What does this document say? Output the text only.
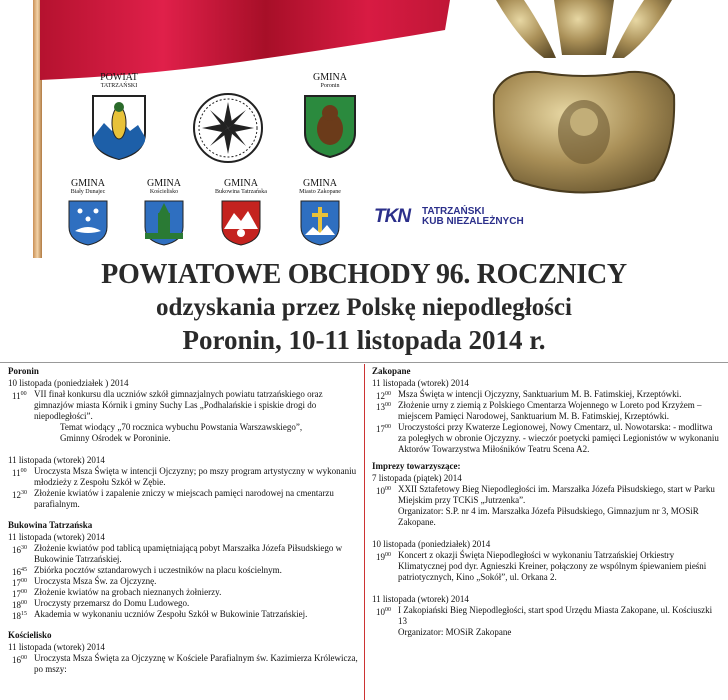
POWIAT
TATRZAŃSKI
GMINA
Poronin
GMINA
Biały Dunajec
GMINA
Kościelisko
GMINA
Bukowina Tatrzańska
GMINA
Miasto Zakopane
TKN TATRZAŃSKI
KUB NIEZALEŻNYCH
POWIATOWE OBCHODY 96. ROCZNICY
odzyskania przez Polskę niepodległości
Poronin, 10-11 listopada 2014 r.
Poronin
10 listopada (poniedziałek ) 2014
$11^{00}$ VII finał konkursu dla uczniów szkół gimnazjalnych powiatu tatrzańskiego oraz gimnazjów miasta Kórnik i gminy Suchy Las „Podhalańskie i spiskie drogi do niepodległości”.
Temat wiodący „70 rocznica wybuchu Powstania Warszawskiego”,
Gminny Ośrodek w Poroninie.
11 listopada (wtorek) 2014
$11^{00}$ Uroczysta Msza Święta w intencji Ojczyzny; po mszy program artystyczny w wykonaniu młodzieży z Zespołu Szkół w Zębie.
$12^{30}$ Złożenie kwiatów i zapalenie zniczy w miejscach pamięci narodowej na cmentarzu parafialnym.
Bukowina Tatrzańska
11 listopada (wtorek) 2014
$16^{30}$ Złożenie kwiatów pod tablicą upamiętniającą pobyt Marszałka Józefa Piłsudskiego w Bukowinie Tatrzańskiej.
$16^{45}$ Zbiórka pocztów sztandarowych i uczestników na placu kościelnym.
$17^{00}$ Uroczysta Msza Św. za Ojczyznę.
$17^{00}$ Złożenie kwiatów na grobach nieznanych żołnierzy.
$18^{00}$ Uroczysty przemarsz do Domu Ludowego.
$18^{15}$ Akademia w wykonaniu uczniów Zespołu Szkół w Bukowinie Tatrzańskiej.
Kościelisko
11 listopada (wtorek) 2014
$16^{00}$ Uroczysta Msza Święta za Ojczyznę w Kościele Parafialnym św. Kazimierza Królewicza,
po mszy:
Zakopane
11 listopada (wtorek) 2014
$12^{00}$ Msza Święta w intencji Ojczyzny, Sanktuarium M. B. Fatimskiej, Krzeptówki.
$13^{00}$ Złożenie urny z ziemią z Polskiego Cmentarza Wojennego w Loreto pod Krzyżem – miejscem Pamięci Narodowej, Sanktuarium M. B. Fatimskiej, Krzeptówki.
$17^{00}$ Uroczystości przy Kwaterze Legionowej, Nowy Cmentarz, ul. Nowotarska: - modlitwa za poległych w obronie Ojczyzny. - wieczór poetycki pamięci Legionistów w wykonaniu Aktorów Towarzystwa Miłośników Teatru Scena A2.
Imprezy towarzyszące:
7 listopada (piątek) 2014
$10^{00}$ XXII Sztafetowy Bieg Niepodległości im. Marszałka Józefa Piłsudskiego, start w Parku Miejskim przy TCKiS „Jutrzenka”.
Organizator: S.P. nr 4 im. Marszałka Józefa Piłsudskiego, Gimnazjum nr 3, MOSiR Zakopane.
10 listopada (poniedziałek) 2014
$19^{00}$ Koncert z okazji Święta Niepodległości w wykonaniu Tatrzańskiej Orkiestry Klimatycznej pod dyr. Agnieszki Kreiner, połączony ze wspólnym śpiewaniem pieśni patriotycznych, Kino „Sokół”, ul. Orkana 2.
11 listopada (wtorek) 2014
$10^{00}$ I Zakopiański Bieg Niepodległości, start spod Urzędu Miasta Zakopane, ul. Kościuszki 13
Organizator: MOSiR Zakopane
